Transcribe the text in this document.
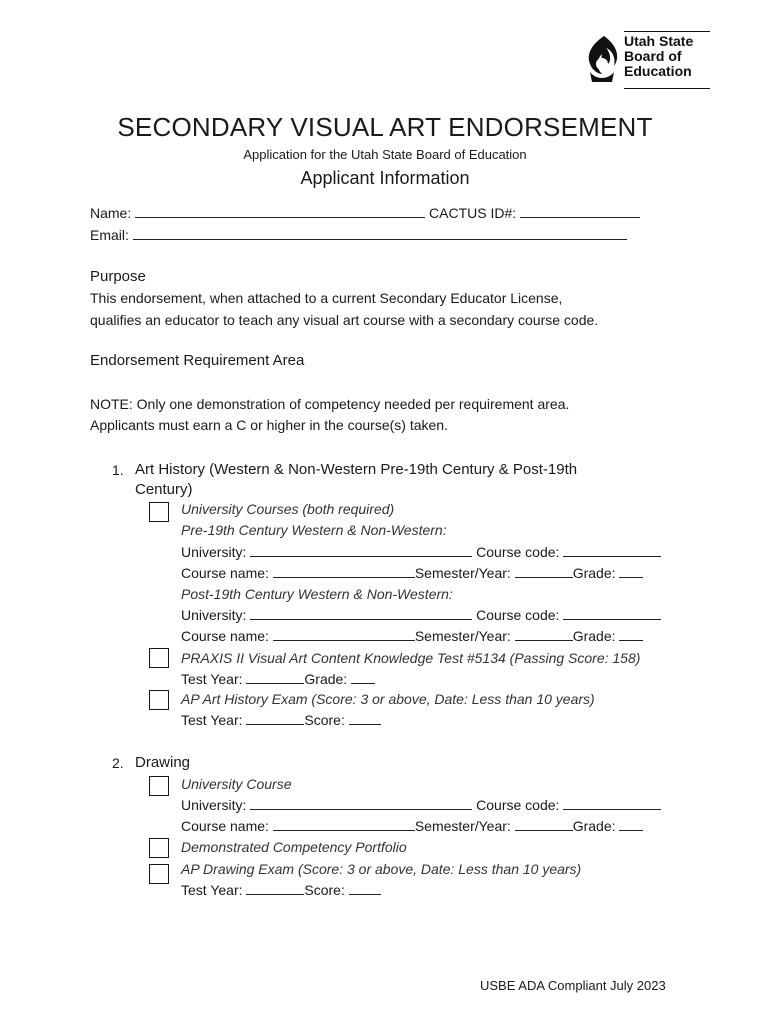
Utah State
Board of
Education
SECONDARY VISUAL ART ENDORSEMENT
Application for the Utah State Board of Education
Applicant Information
Name:	CACTUS ID#:
Email:
Purpose
This endorsement, when attached to a current Secondary Educator License,
qualifies an educator to teach any visual art course with a secondary course code.
Endorsement Requirement Area
NOTE: Only one demonstration of competency needed per requirement area.
Applicants must earn a C or higher in the course(s) taken.
1. Art History (Western & Non-Western Pre-19th Century & Post-19th
Century)
University Courses (both required)
Pre-19th Century Western & Non-Western:
University:	Course code:
Course name:	Semester/Year:	Grade:
Post-19th Century Western & Non-Western:
University:	Course code:
Course name:	Semester/Year:	Grade:
PRAXIS II Visual Art Content Knowledge Test #5134 (Passing Score: 158)
Test Year:	Grade:
AP Art History Exam (Score: 3 or above, Date: Less than 10 years)
Test Year:	Score:
2. Drawing
University Course
University:	Course code:
Course name:	Semester/Year:	Grade:
Demonstrated Competency Portfolio
AP Drawing Exam (Score: 3 or above, Date: Less than 10 years)
Test Year:	Score:
USBE ADA Compliant July 2023
